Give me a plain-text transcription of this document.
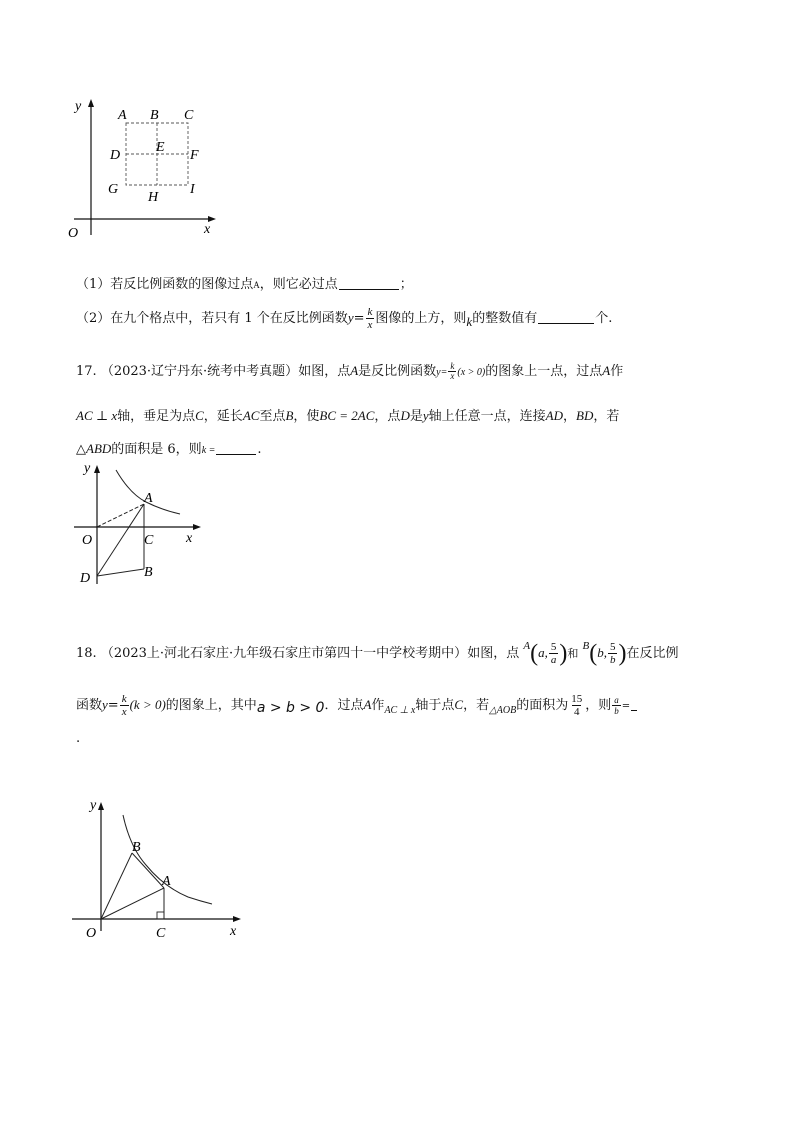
y
x
O
A B C
D
E
F
G
H
I
（1）若反比例函数的图像过点A，则它必过点	；
（2）在九个格点中，若只有 1 个在反比例函数$y= \frac{k}{x}$ 图像的上方，则k的整数值有	个.
17. （2023·辽宁丹东·统考中考真题）如图，点A是反比例函数$y= \frac{k}{x} (x > 0)$的图象上一点，过点A作
AC ⊥ x轴，垂足为点C，延长AC至点B，使BC = 2AC，点D是y轴上任意一点，连接AD，BD，若
△ABD的面积是 6，则k =	.
y
x
O
A
C
D	B
18. （2023上·河北石家庄·九年级石家庄市第四十一中学校考期中）如图，点 $^A$(a, $\frac{5}{a}$ )和 $^B$(b, $\frac{5}{b}$ )在反比例
函数$y= \frac{k}{x} (k > 0)$的图象上，其中a > b > 0．过点A作$_{AC \perp x}$轴于点C，若$_{\triangle AOB}$的面积为 $\frac{15}{4}$ ，则 $\frac{a}{b}$ =
.
y
x
O
B
A
C
